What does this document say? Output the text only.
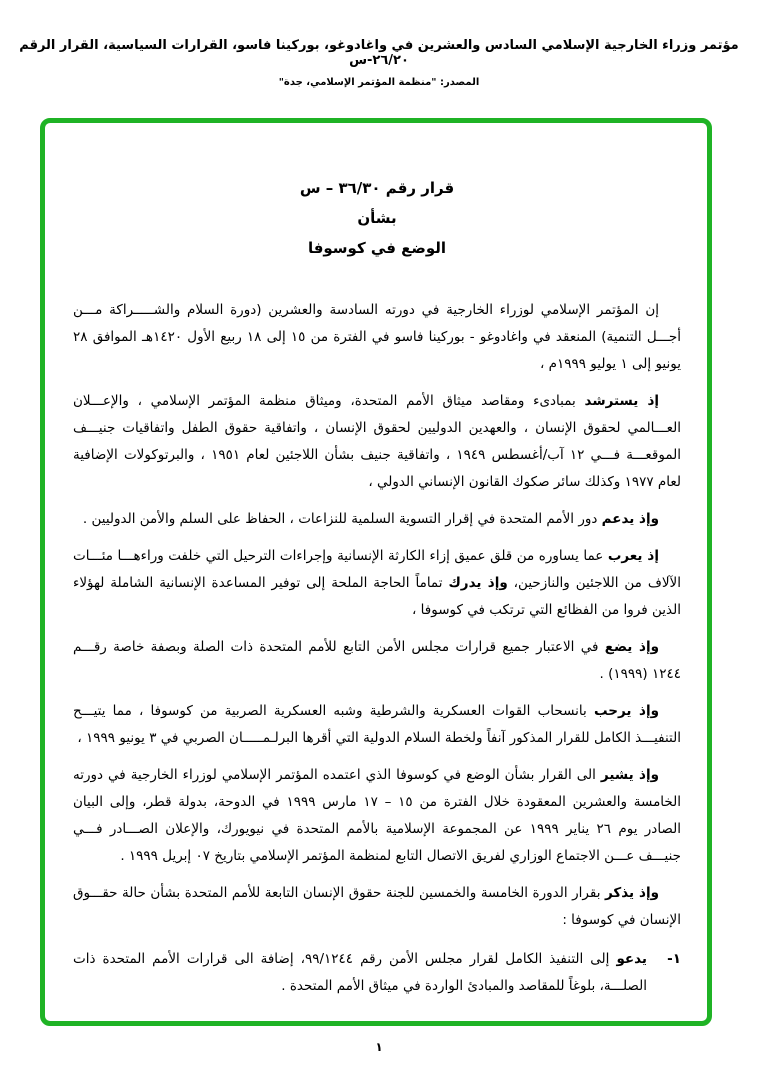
مؤتمر وزراء الخارجية الإسلامي السادس والعشرين في واغادوغو، بوركينا فاسو، القرارات السياسية، القرار الرقم ٢٦/٢٠-س
المصدر: "منظمة المؤتمر الإسلامي، جدة"
قرار رقم ٣٦/٣٠ – س
بشأن
الوضع في كوسوفا

إن المؤتمر الإسلامي لوزراء الخارجية في دورته السادسة والعشرين (دورة السلام والشـــــراكة مـــن أجـــل التنمية) المنعقد في واغادوغو - بوركينا فاسو في الفترة من ١٥ إلى ١٨ ربيع الأول ١٤٢٠هـ الموافق ٢٨ يونيو إلى ١ يوليو ١٩٩٩م ،

إذ يسترشد بمبادىء ومقاصد ميثاق الأمم المتحدة، وميثاق منظمة المؤتمر الإسلامي ، والإعـــلان العـــالمي لحقوق الإنسان ، والعهدين الدوليين لحقوق الإنسان ، واتفاقية حقوق الطفل واتفاقيات جنيـــف الموقعـــة فـــي ١٢ آب/أغسطس ١٩٤٩ ، واتفاقية جنيف بشأن اللاجئين لعام ١٩٥١ ، والبرتوكولات الإضافية لعام ١٩٧٧ وكذلك سائر صكوك القانون الإنساني الدولي ،

وإذ يدعم دور الأمم المتحدة في إقرار التسوية السلمية للنزاعات ، الحفاظ على السلم والأمن الدوليين .

إذ يعرب عما يساوره من قلق عميق إزاء الكارثة الإنسانية وإجراءات الترحيل التي خلفت وراءهـــا مئـــات الآلاف من اللاجئين والنازحين، وإذ يدرك تماماً الحاجة الملحة إلى توفير المساعدة الإنسانية الشاملة لهؤلاء الذين فروا من الفظائع التي ترتكب في كوسوفا ،

وإذ يضع في الاعتبار جميع قرارات مجلس الأمن التابع للأمم المتحدة ذات الصلة وبصفة خاصة رقـــم ١٢٤٤ (١٩٩٩) .

وإذ يرحب بانسحاب القوات العسكرية والشرطية وشبه العسكرية الصربية من كوسوفا ، مما يتيـــح التنفيـــذ الكامل للقرار المذكور آنفاً ولخطة السلام الدولية التي أقرها البرلـمـــــان الصربي في ٣ يونيو ١٩٩٩ ،

وإذ يشير الى القرار بشأن الوضع في كوسوفا الذي اعتمده المؤتمر الإسلامي لوزراء الخارجية في دورته الخامسة والعشرين المعقودة خلال الفترة من ١٥ – ١٧ مارس ١٩٩٩ في الدوحة، بدولة قطر، وإلى البيان الصادر يوم ٢٦ يناير ١٩٩٩ عن المجموعة الإسلامية بالأمم المتحدة في نيويورك، والإعلان الصـــادر فـــي جنيـــف عـــن الاجتماع الوزاري لفريق الاتصال التابع لمنظمة المؤتمر الإسلامي بتاريخ ٠٧ إبريل ١٩٩٩ .

وإذ يذكر بقرار الدورة الخامسة والخمسين للجنة حقوق الإنسان التابعة للأمم المتحدة بشأن حالة حقـــوق الإنسان في كوسوفا :

١-
يدعو إلى التنفيذ الكامل لقرار مجلس الأمن رقم ٩٩/١٢٤٤، إضافة الى قرارات الأمم المتحدة ذات الصلـــة، بلوغاً للمقاصد والمبادئ الواردة في ميثاق الأمم المتحدة .
١
